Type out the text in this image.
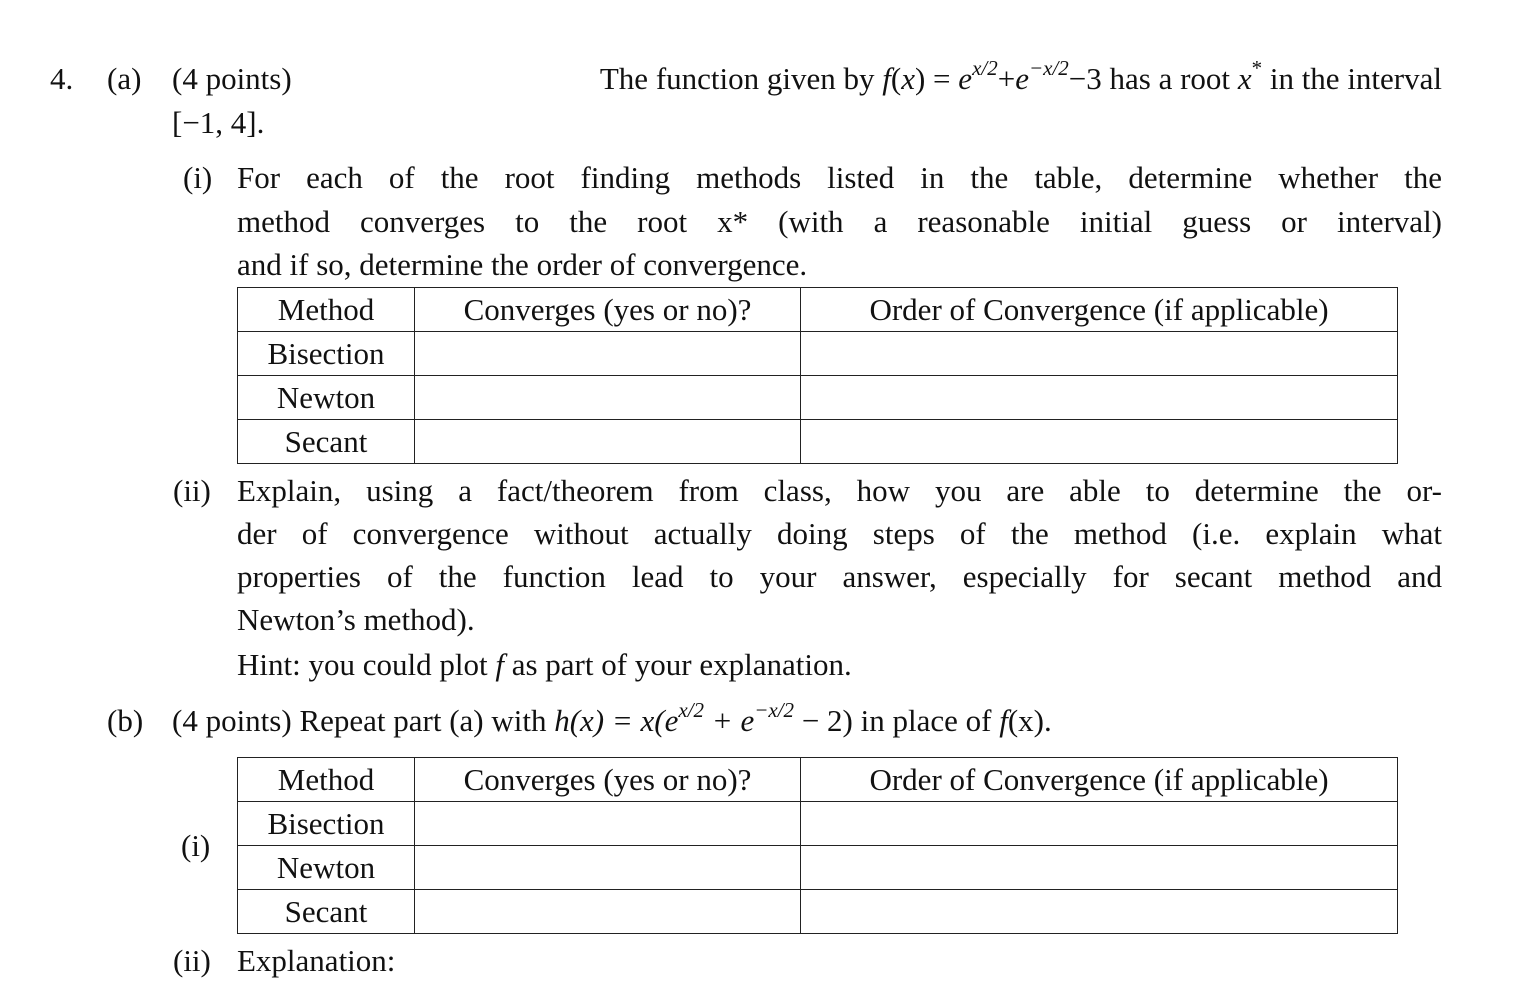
4. (a) (4 points)	The function given by $f(x) = e^{x/2}+e^{-x/2}-3$ has a root x* in the interval
[−1, 4].
(i) For each of the root finding methods listed in the table, determine whether the
method converges to the root x* (with a reasonable initial guess or interval)
and if so, determine the order of convergence.
Method	Converges (yes or no)?	Order of Convergence (if applicable)
Bisection		
Newton		
Secant		
(ii) Explain, using a fact/theorem from class, how you are able to determine the or-
der of convergence without actually doing steps of the method (i.e. explain what
properties of the function lead to your answer, especially for secant method and
Newton’s method).
Hint: you could plot f as part of your explanation.
(b) (4 points) Repeat part (a) with $h(x) = x(e^{x/2} + e^{-x/2} - 2)$ in place of f(x).
(i)
Method	Converges (yes or no)?	Order of Convergence (if applicable)
Bisection		
Newton		
Secant		
(ii) Explanation:
